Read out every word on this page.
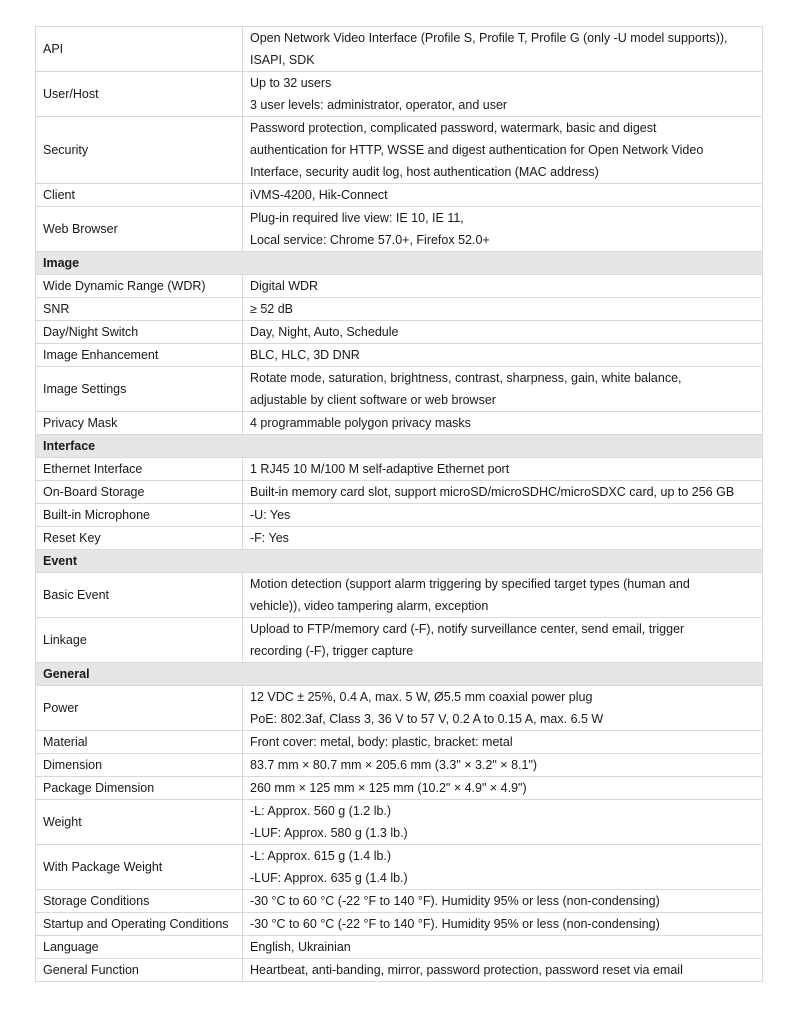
API	Open Network Video Interface (Profile S, Profile T, Profile G (only -U model supports)),
ISAPI, SDK

User/Host	Up to 32 users
3 user levels: administrator, operator, and user

Security	Password protection, complicated password, watermark, basic and digest
authentication for HTTP, WSSE and digest authentication for Open Network Video
Interface, security audit log, host authentication (MAC address)

Client	iVMS-4200, Hik-Connect

Web Browser	Plug-in required live view: IE 10, IE 11,
Local service: Chrome 57.0+, Firefox 52.0+

Image	
Wide Dynamic Range (WDR)	Digital WDR

SNR	≥ 52 dB

Day/Night Switch	Day, Night, Auto, Schedule

Image Enhancement	BLC, HLC, 3D DNR

Image Settings	Rotate mode, saturation, brightness, contrast, sharpness, gain, white balance,
adjustable by client software or web browser

Privacy Mask	4 programmable polygon privacy masks

Interface	
Ethernet Interface	1 RJ45 10 M/100 M self-adaptive Ethernet port

On-Board Storage	Built-in memory card slot, support microSD/microSDHC/microSDXC card, up to 256 GB

Built-in Microphone	-U: Yes

Reset Key	-F: Yes

Event	
Basic Event	Motion detection (support alarm triggering by specified target types (human and
vehicle)), video tampering alarm, exception

Linkage	Upload to FTP/memory card (-F), notify surveillance center, send email, trigger
recording (-F), trigger capture

General	
Power	12 VDC ± 25%, 0.4 A, max. 5 W, Ø5.5 mm coaxial power plug
PoE: 802.3af, Class 3, 36 V to 57 V, 0.2 A to 0.15 A, max. 6.5 W

Material	Front cover: metal, body: plastic, bracket: metal

Dimension	83.7 mm × 80.7 mm × 205.6 mm (3.3" × 3.2" × 8.1")

Package Dimension	260 mm × 125 mm × 125 mm (10.2" × 4.9" × 4.9")

Weight	-L: Approx. 560 g (1.2 lb.)
-LUF: Approx. 580 g (1.3 lb.)

With Package Weight	-L: Approx. 615 g (1.4 lb.)
-LUF: Approx. 635 g (1.4 lb.)

Storage Conditions	-30 °C to 60 °C (-22 °F to 140 °F). Humidity 95% or less (non-condensing)

Startup and Operating Conditions	-30 °C to 60 °C (-22 °F to 140 °F). Humidity 95% or less (non-condensing)

Language	English, Ukrainian

General Function	Heartbeat, anti-banding, mirror, password protection, password reset via email
